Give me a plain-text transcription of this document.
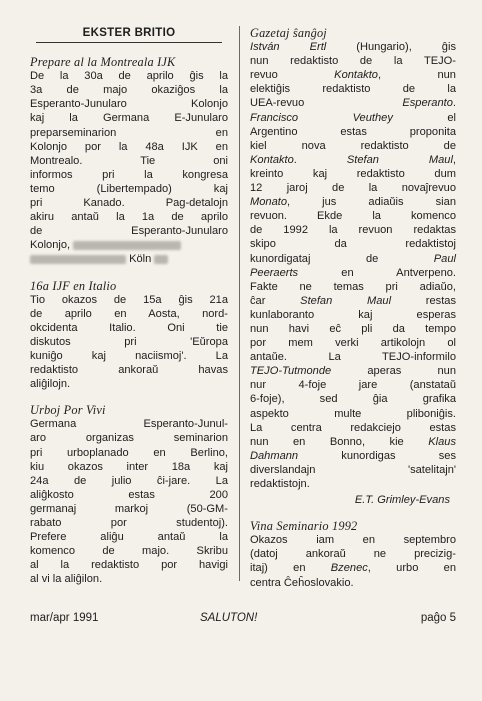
EKSTER BRITIO
Prepare al la Montreala IJK
De la 30a de aprilo ĝis la
3a de majo okaziĝos la
Esperanto-Junularo Kolonjo
kaj la Germana E-Junularo
preparseminarion en
Kolonjo por la 48a IJK en
Montrealo. Tie oni
informos pri la kongresa
temo (Libertempado) kaj
pri Kanado. Pag-detalojn
akiru antaŭ la 1a de aprilo
de Esperanto-Junularo
Kolonjo,
Köln
16a IJF en Italio
Tio okazos de 15a ĝis 21a
de aprilo en Aosta, nord-
okcidenta Italio. Oni tie
diskutos pri 'Eŭropa
kuniĝo kaj naciismoj'. La
redaktisto ankoraŭ havas
aliĝilojn.
Urboj Por Vivi
Germana Esperanto-Junul-
aro organizas seminarion
pri urboplanado en Berlino,
kiu okazos inter 18a kaj
24a de julio ĉi-jare. La
aliĝkosto estas 200
germanaj markoj (50-GM-
rabato por studentoj).
Prefere aliĝu antaŭ la
komenco de majo. Skribu
al la redaktisto por havigi
al vi la aliĝilon.
Gazetaj ŝanĝoj
István Ertl (Hungario), ĝis
nun redaktisto de la TEJO-
revuo Kontakto, nun
elektiĝis redaktisto de la
UEA-revuo Esperanto.
Francisco Veuthey el
Argentino estas proponita
kiel nova redaktisto de
Kontakto. Stefan Maul,
kreinto kaj redaktisto dum
12 jaroj de la novaĵrevuo
Monato, jus adiaŭis sian
revuon. Ekde la komenco
de 1992 la revuon redaktas
skipo da redaktistoj
kunordigataj de Paul
Peeraerts en Antverpeno.
Fakte ne temas pri adiaŭo,
ĉar Stefan Maul restas
kunlaboranto kaj esperas
nun havi eĉ pli da tempo
por mem verki artikolojn ol
antaŭe. La TEJO-informilo
TEJO-Tutmonde aperas nun
nur 4-foje jare (anstataŭ
6-foje), sed ĝia grafika
aspekto multe pliboniĝis.
La centra redakciejo estas
nun en Bonno, kie Klaus
Dahmann kunordigas ses
diverslandajn 'satelitajn'
redaktistojn.
E.T. Grimley-Evans
Vina Seminario 1992
Okazos iam en septembro
(datoj ankoraŭ ne precizig-
itaj) en Bzenec, urbo en
centra Ĉeĥoslovakio.
mar/apr 1991	SALUTON!	paĝo 5
